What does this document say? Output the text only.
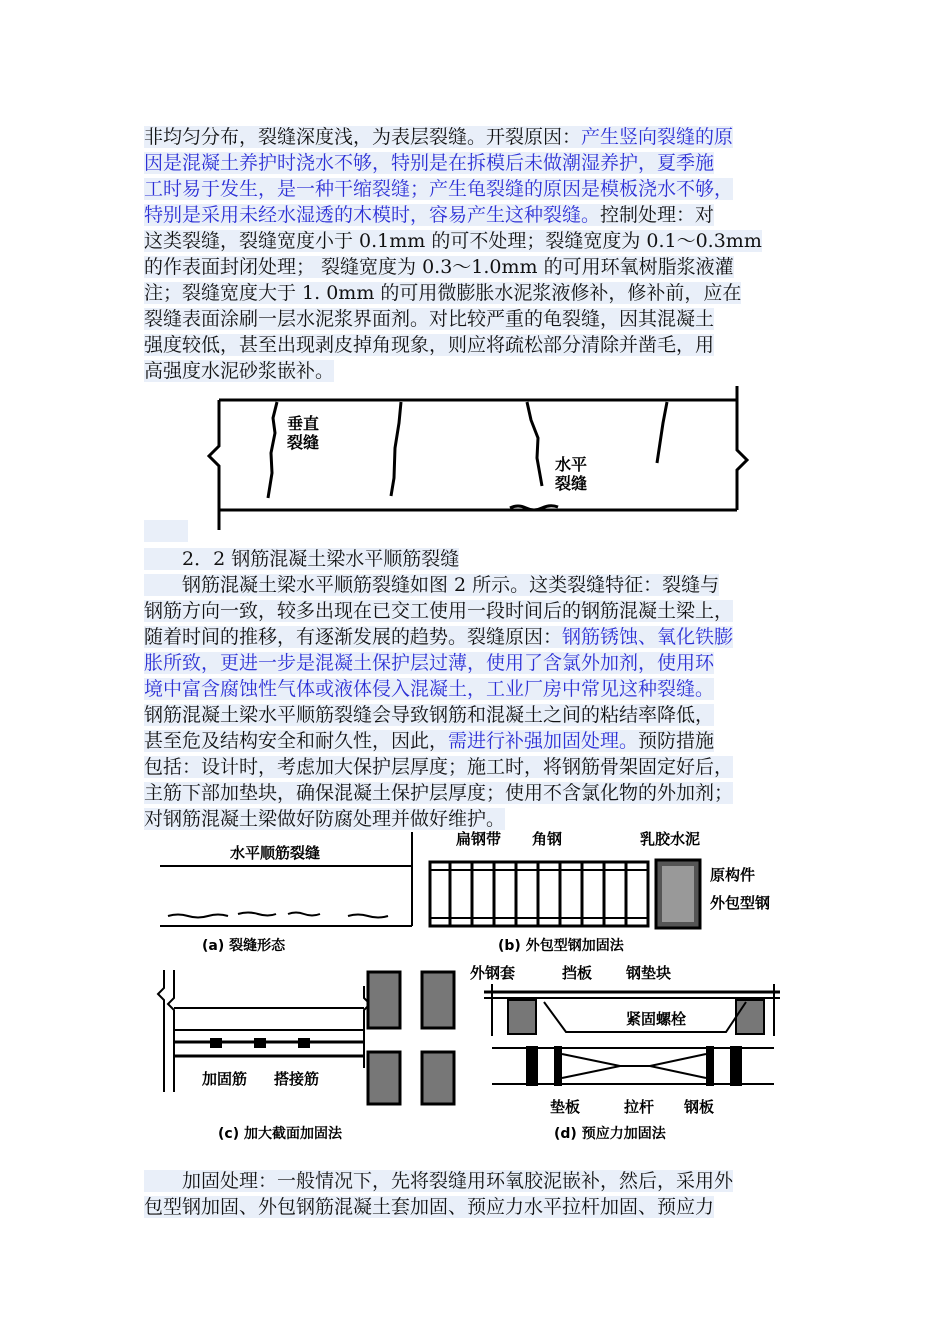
非均匀分布，裂缝深度浅，为表层裂缝。开裂原因：产生竖向裂缝的原
因是混凝土养护时浇水不够，特别是在拆模后未做潮湿养护，夏季施
工时易于发生，是一种干缩裂缝；产生龟裂缝的原因是模板浇水不够，
特别是采用未经水湿透的木模时，容易产生这种裂缝。控制处理：对
这类裂缝，裂缝宽度小于 0.1mm 的可不处理；裂缝宽度为 0.1～0.3mm
的作表面封闭处理； 裂缝宽度为 0.3～1.0mm 的可用环氧树脂浆液灌
注；裂缝宽度大于 1. 0mm 的可用微膨胀水泥浆液修补，修补前，应在
裂缝表面涂刷一层水泥浆界面剂。对比较严重的龟裂缝，因其混凝土
强度较低，甚至出现剥皮掉角现象，则应将疏松部分清除并凿毛，用
高强度水泥砂浆嵌补。
垂直
裂缝
水平
裂缝
　　2．2 钢筋混凝土梁水平顺筋裂缝
　　钢筋混凝土梁水平顺筋裂缝如图 2 所示。这类裂缝特征：裂缝与
钢筋方向一致，较多出现在已交工使用一段时间后的钢筋混凝土梁上，
随着时间的推移，有逐渐发展的趋势。裂缝原因：钢筋锈蚀、氧化铁膨
胀所致，更进一步是混凝土保护层过薄，使用了含氯外加剂，使用环
境中富含腐蚀性气体或液体侵入混凝土，工业厂房中常见这种裂缝。
钢筋混凝土梁水平顺筋裂缝会导致钢筋和混凝土之间的粘结率降低，
甚至危及结构安全和耐久性，因此，需进行补强加固处理。预防措施
包括：设计时，考虑加大保护层厚度；施工时，将钢筋骨架固定好后，
主筋下部加垫块，确保混凝土保护层厚度；使用不含氯化物的外加剂；
对钢筋混凝土梁做好防腐处理并做好维护。
水平顺筋裂缝
(a) 裂缝形态
扁钢带 角钢	乳胶水泥
原构件
外包型钢
(b) 外包型钢加固法
加固筋 搭接筋
(c) 加大截面加固法
外钢套	挡板 钢垫块
紧固螺栓
垫板	拉杆 钢板
(d) 预应力加固法
　　加固处理：一般情况下，先将裂缝用环氧胶泥嵌补，然后，采用外
包型钢加固、外包钢筋混凝土套加固、预应力水平拉杆加固、预应力
